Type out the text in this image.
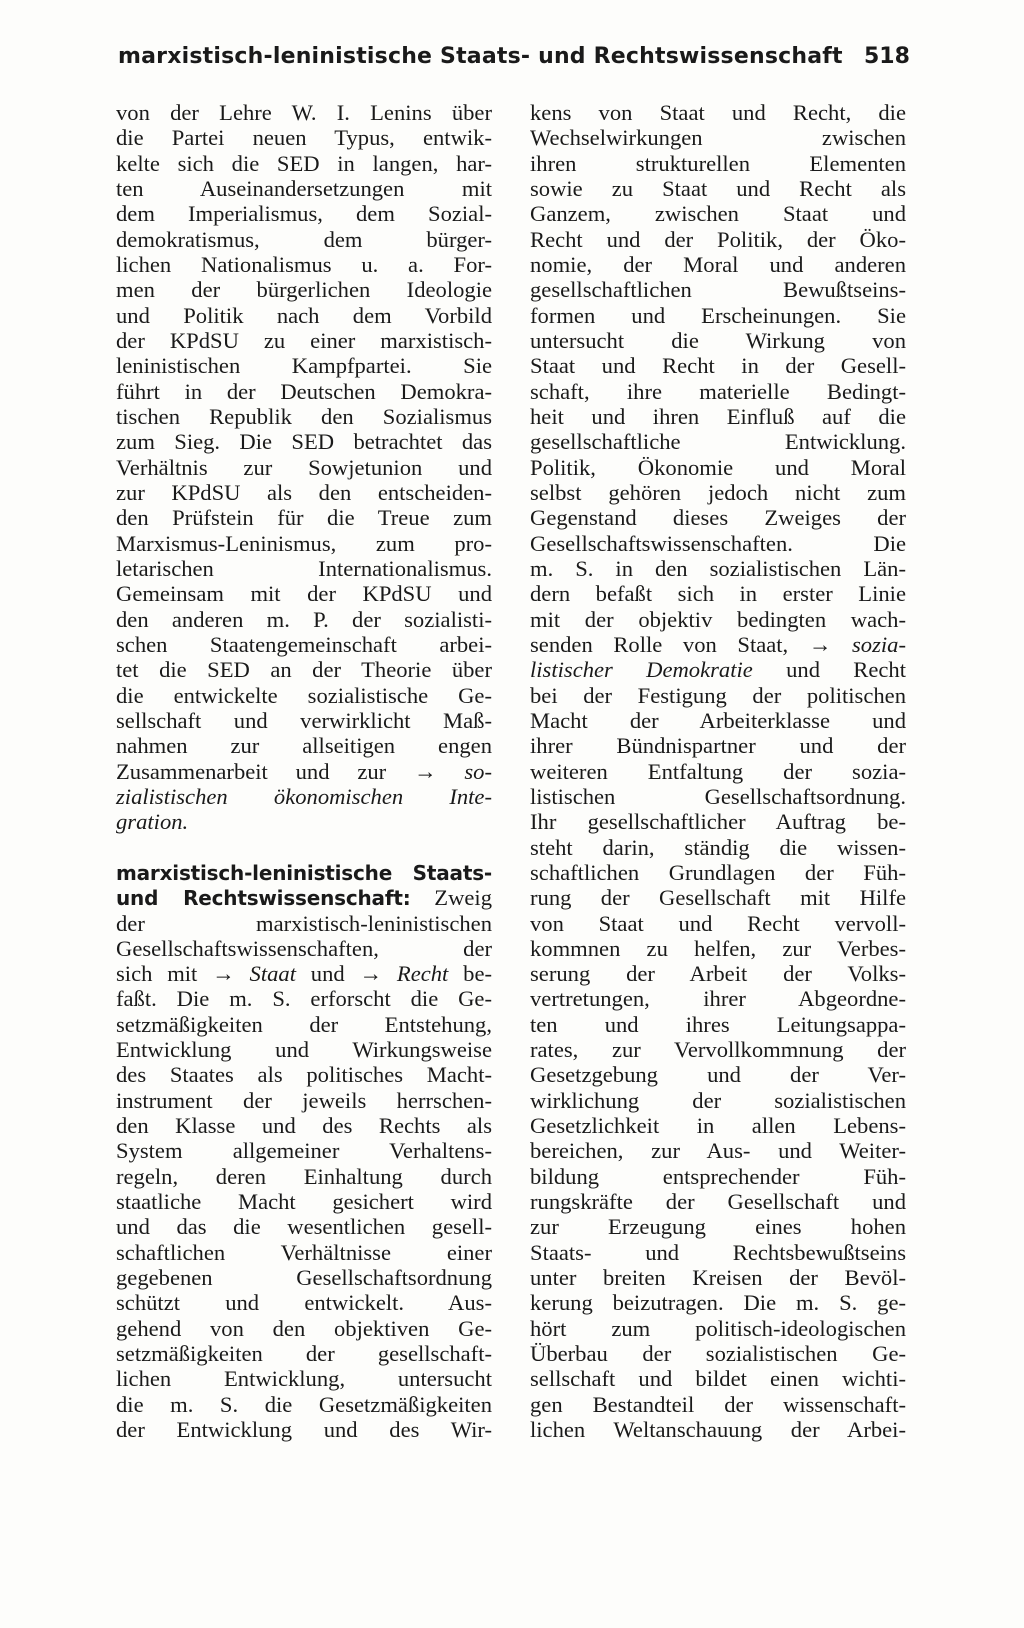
marxistisch-leninistische Staats- und Rechtswissenschaft 518
von der Lehre W. I. Lenins über
die Partei neuen Typus, entwik-
kelte sich die SED in langen, har-
ten Auseinandersetzungen mit
dem Imperialismus, dem Sozial-
demokratismus, dem bürger-
lichen Nationalismus u. a. For-
men der bürgerlichen Ideologie
und Politik nach dem Vorbild
der KPdSU zu einer marxistisch-
leninistischen Kampfpartei. Sie
führt in der Deutschen Demokra-
tischen Republik den Sozialismus
zum Sieg. Die SED betrachtet das
Verhältnis zur Sowjetunion und
zur KPdSU als den entscheiden-
den Prüfstein für die Treue zum
Marxismus-Leninismus, zum pro-
letarischen Internationalismus.
Gemeinsam mit der KPdSU und
den anderen m. P. der sozialisti-
schen Staatengemeinschaft arbei-
tet die SED an der Theorie über
die entwickelte sozialistische Ge-
sellschaft und verwirklicht Maß-
nahmen zur allseitigen engen
Zusammenarbeit und zur → so-
zialistischen ökonomischen Inte-
gration.
marxistisch-leninistische Staats-
und Rechtswissenschaft: Zweig
der marxistisch-leninistischen
Gesellschaftswissenschaften, der
sich mit → Staat und → Recht be-
faßt. Die m. S. erforscht die Ge-
setzmäßigkeiten der Entstehung,
Entwicklung und Wirkungsweise
des Staates als politisches Macht-
instrument der jeweils herrschen-
den Klasse und des Rechts als
System allgemeiner Verhaltens-
regeln, deren Einhaltung durch
staatliche Macht gesichert wird
und das die wesentlichen gesell-
schaftlichen Verhältnisse einer
gegebenen Gesellschaftsordnung
schützt und entwickelt. Aus-
gehend von den objektiven Ge-
setzmäßigkeiten der gesellschaft-
lichen Entwicklung, untersucht
die m. S. die Gesetzmäßigkeiten
der Entwicklung und des Wir-
kens von Staat und Recht, die
Wechselwirkungen zwischen
ihren strukturellen Elementen
sowie zu Staat und Recht als
Ganzem, zwischen Staat und
Recht und der Politik, der Öko-
nomie, der Moral und anderen
gesellschaftlichen Bewußtseins-
formen und Erscheinungen. Sie
untersucht die Wirkung von
Staat und Recht in der Gesell-
schaft, ihre materielle Bedingt-
heit und ihren Einfluß auf die
gesellschaftliche Entwicklung.
Politik, Ökonomie und Moral
selbst gehören jedoch nicht zum
Gegenstand dieses Zweiges der
Gesellschaftswissenschaften. Die
m. S. in den sozialistischen Län-
dern befaßt sich in erster Linie
mit der objektiv bedingten wach-
senden Rolle von Staat, → sozia-
listischer Demokratie und Recht
bei der Festigung der politischen
Macht der Arbeiterklasse und
ihrer Bündnispartner und der
weiteren Entfaltung der sozia-
listischen Gesellschaftsordnung.
Ihr gesellschaftlicher Auftrag be-
steht darin, ständig die wissen-
schaftlichen Grundlagen der Füh-
rung der Gesellschaft mit Hilfe
von Staat und Recht vervoll-
kommnen zu helfen, zur Verbes-
serung der Arbeit der Volks-
vertretungen, ihrer Abgeordne-
ten und ihres Leitungsappa-
rates, zur Vervollkommnung der
Gesetzgebung und der Ver-
wirklichung der sozialistischen
Gesetzlichkeit in allen Lebens-
bereichen, zur Aus- und Weiter-
bildung entsprechender Füh-
rungskräfte der Gesellschaft und
zur Erzeugung eines hohen
Staats- und Rechtsbewußtseins
unter breiten Kreisen der Bevöl-
kerung beizutragen. Die m. S. ge-
hört zum politisch-ideologischen
Überbau der sozialistischen Ge-
sellschaft und bildet einen wichti-
gen Bestandteil der wissenschaft-
lichen Weltanschauung der Arbei-
